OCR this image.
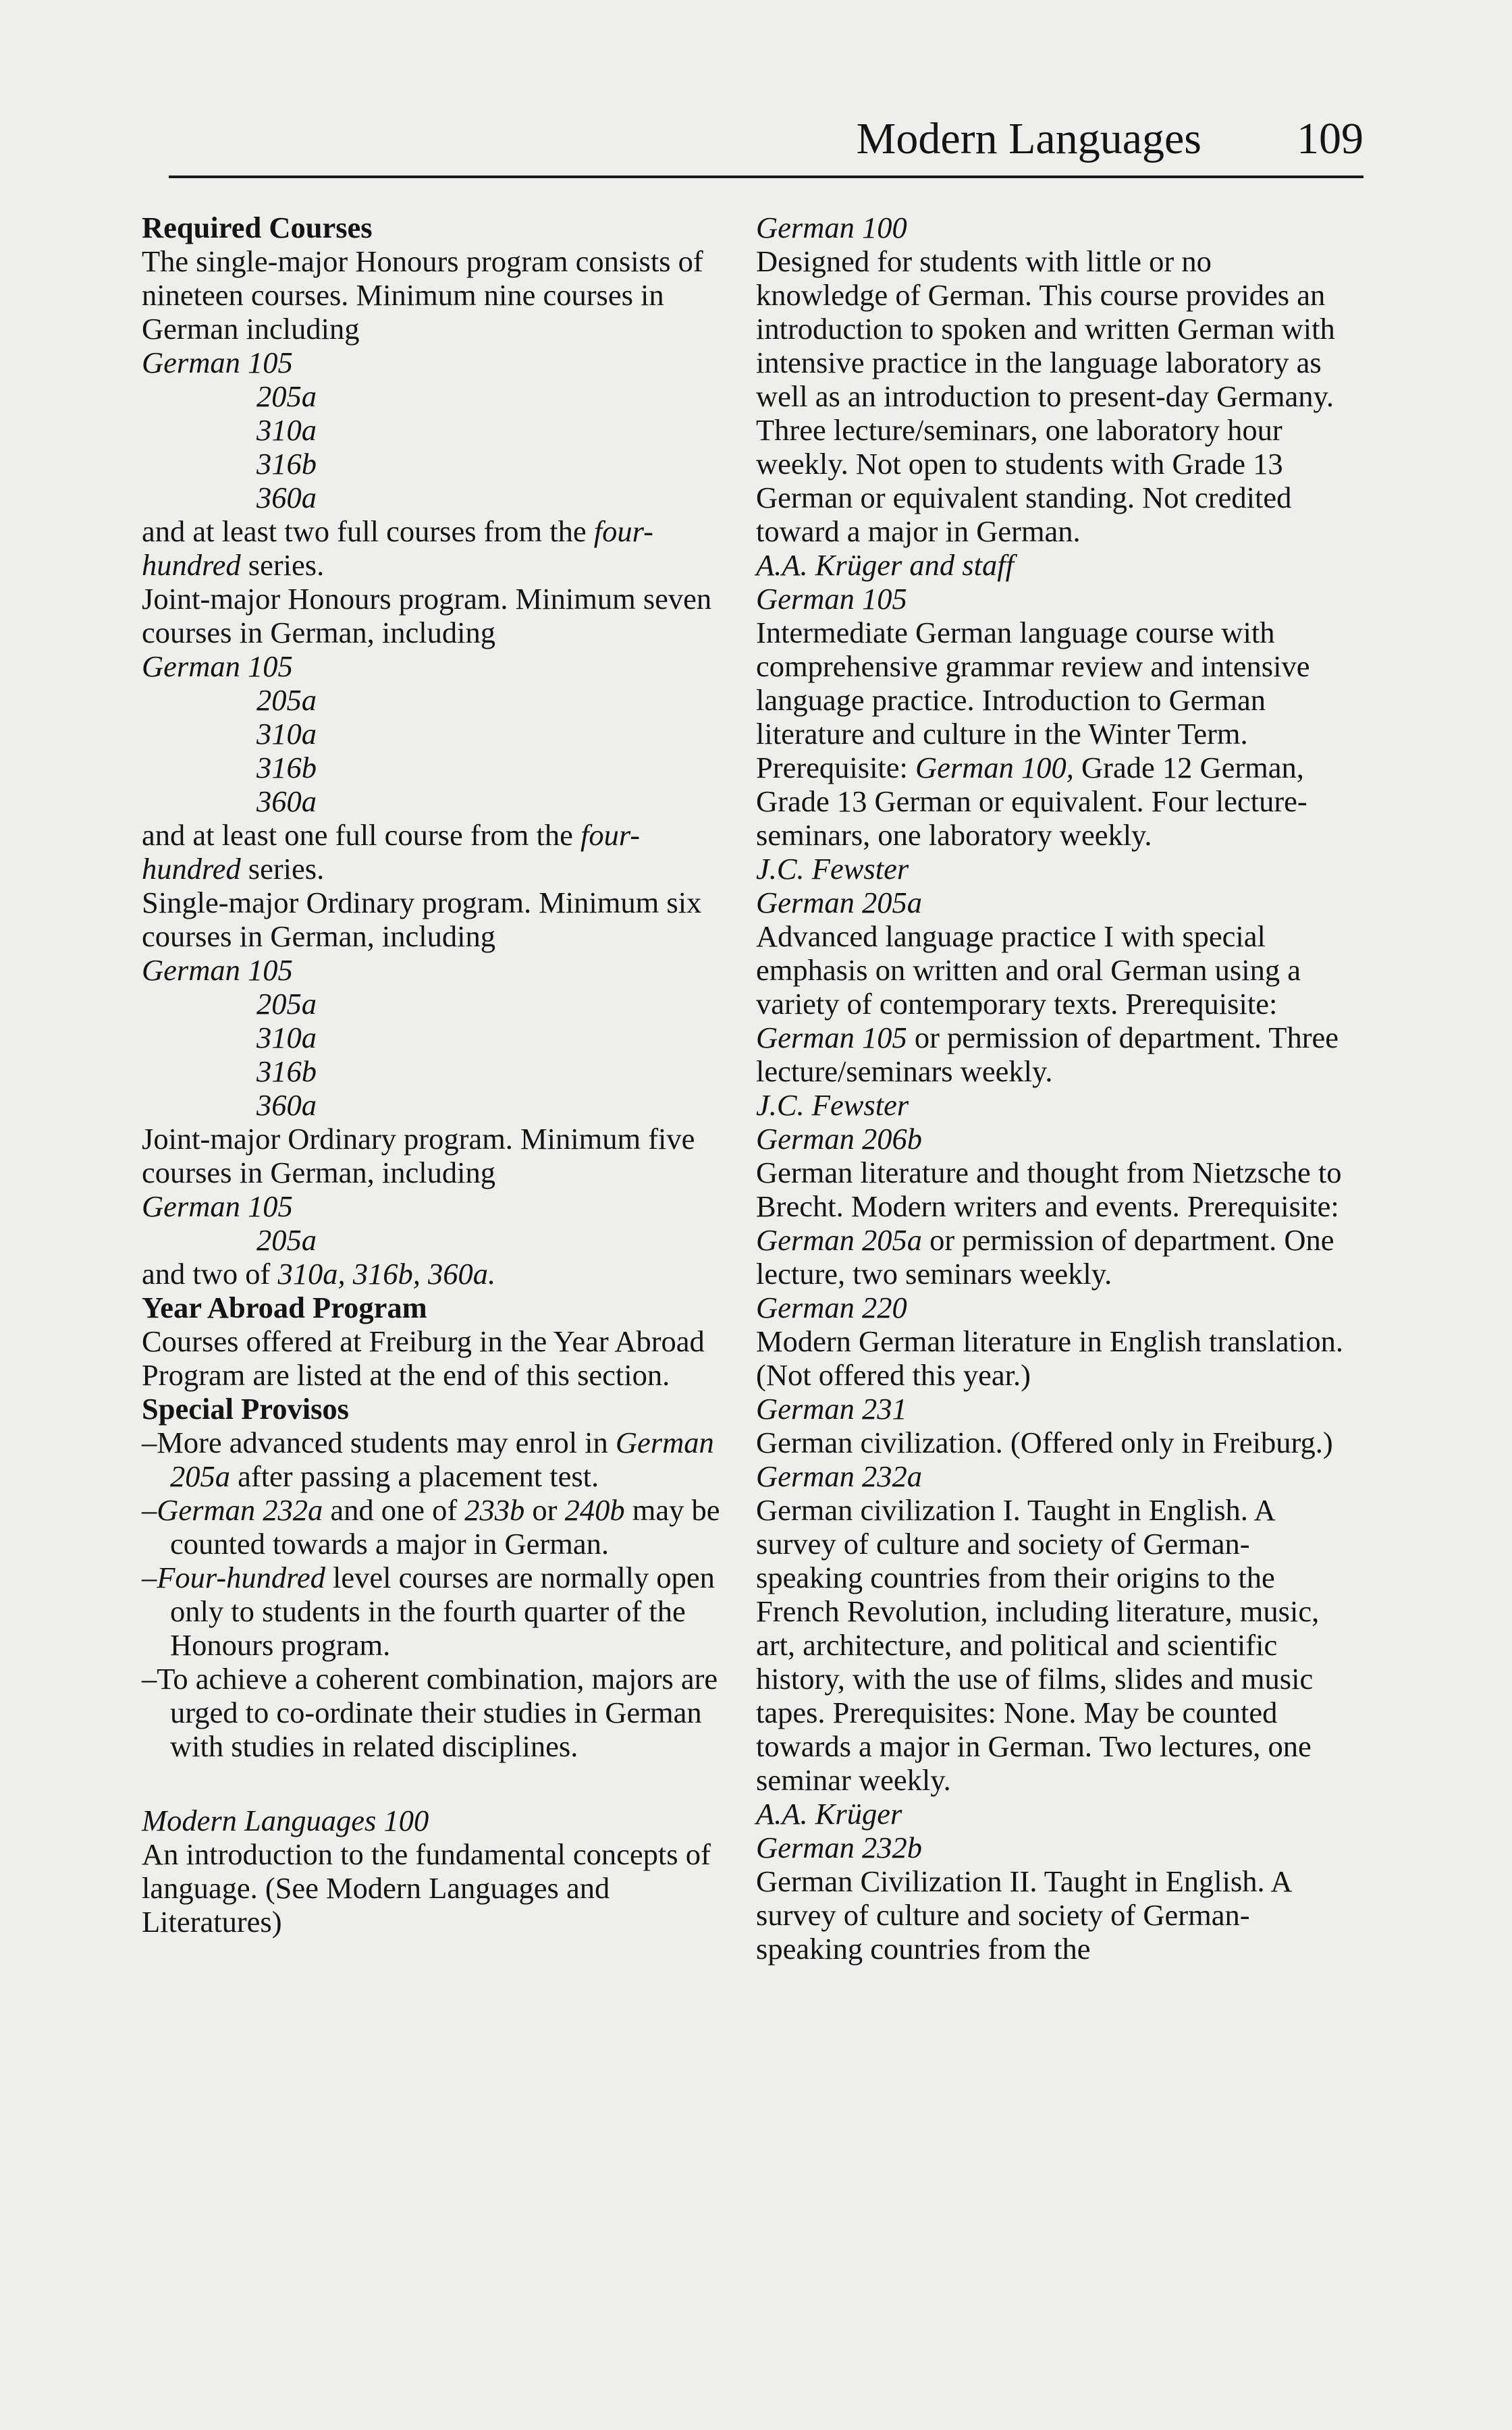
Modern Languages 109
Required Courses

The single-major Honours program consists of nineteen courses. Minimum nine courses in German including

German 105
205a
310a
316b
360a

and at least two full courses from the four-hundred series.

Joint-major Honours program. Minimum seven courses in German, including

German 105
205a
310a
316b
360a

and at least one full course from the four-hundred series.

Single-major Ordinary program. Minimum six courses in German, including

German 105
205a
310a
316b
360a

Joint-major Ordinary program. Minimum five courses in German, including

German 105
205a

and two of 310a, 316b, 360a.

Year Abroad Program

Courses offered at Freiburg in the Year Abroad Program are listed at the end of this section.

Special Provisos
–More advanced students may enrol in German 205a after passing a placement test.
–German 232a and one of 233b or 240b may be counted towards a major in German.
–Four-hundred level courses are normally open only to students in the fourth quarter of the Honours program.
–To achieve a coherent combination, majors are urged to co-ordinate their studies in German with studies in related disciplines.
Modern Languages 100
An introduction to the fundamental concepts of language. (See Modern Languages and Literatures)
German 100
Designed for students with little or no knowledge of German. This course provides an introduction to spoken and written German with intensive practice in the language laboratory as well as an introduction to present-day Germany. Three lecture/seminars, one laboratory hour weekly. Not open to students with Grade 13 German or equivalent standing. Not credited toward a major in German.
A.A. Krüger and staff
German 105
Intermediate German language course with comprehensive grammar review and intensive language practice. Introduction to German literature and culture in the Winter Term. Prerequisite: German 100, Grade 12 German, Grade 13 German or equivalent. Four lecture-seminars, one laboratory weekly.
J.C. Fewster
German 205a
Advanced language practice I with special emphasis on written and oral German using a variety of contemporary texts. Prerequisite: German 105 or permission of department. Three lecture/seminars weekly.
J.C. Fewster
German 206b
German literature and thought from Nietzsche to Brecht. Modern writers and events. Prerequisite: German 205a or permission of department. One lecture, two seminars weekly.
German 220
Modern German literature in English translation. (Not offered this year.)
German 231
German civilization. (Offered only in Freiburg.)
German 232a
German civilization I. Taught in English. A survey of culture and society of German-speaking countries from their origins to the French Revolution, including literature, music, art, architecture, and political and scientific history, with the use of films, slides and music tapes. Prerequisites: None. May be counted towards a major in German. Two lectures, one seminar weekly.
A.A. Krüger
German 232b
German Civilization II. Taught in English. A survey of culture and society of German-speaking countries from the
